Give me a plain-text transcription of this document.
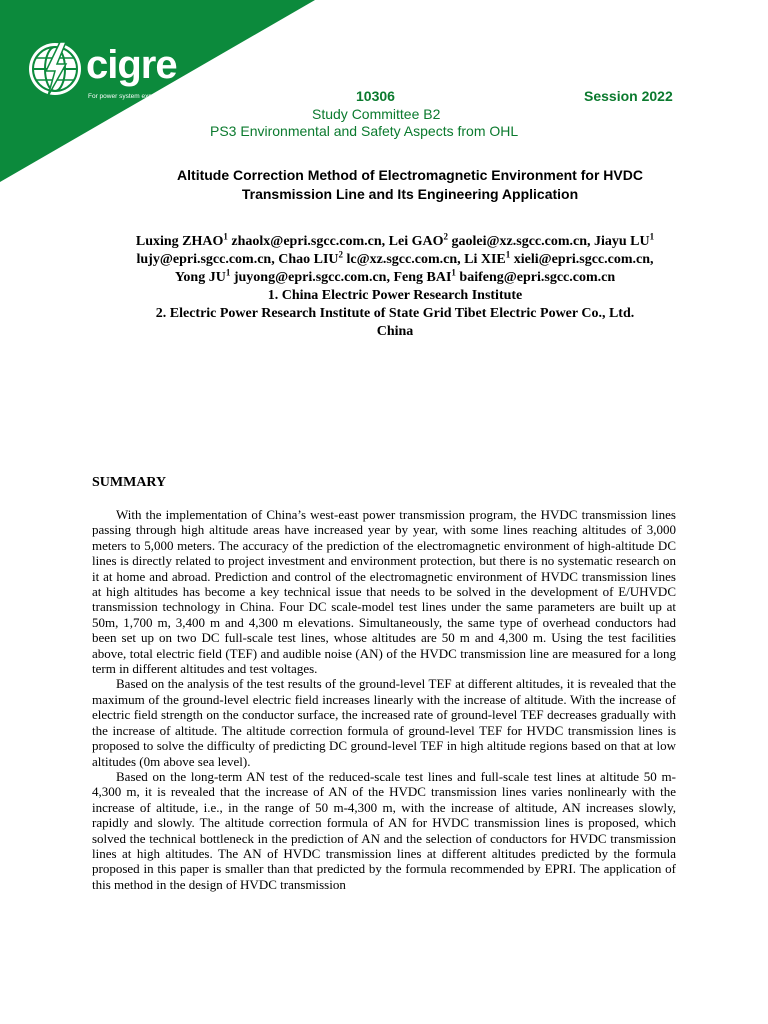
cigre
For power system expertise	10306	Session 2022
Study Committee B2
PS3 Environmental and Safety Aspects from OHL
Altitude Correction Method of Electromagnetic Environment for HVDC
Transmission Line and Its Engineering Application
Luxing ZHAO$^1$ zhaolx@epri.sgcc.com.cn, Lei GAO$^2$ gaolei@xz.sgcc.com.cn, Jiayu $LU^1$
lujy@epri.sgcc.com.cn, Chao LIU$^2$ lc@xz.sgcc.com.cn, Li XIE$^1$ xieli@epri.sgcc.com.cn,
Yong $JU^1$ juyong@epri.sgcc.com.cn, Feng BAI$^1$ baifeng@epri.sgcc.com.cn
1. China Electric Power Research Institute
2. Electric Power Research Institute of State Grid Tibet Electric Power Co., Ltd.
China
SUMMARY

With the implementation of China’s west-east power transmission program, the HVDC transmission lines passing through high altitude areas have increased year by year, with some lines reaching altitudes of 3,000 meters to 5,000 meters. The accuracy of the prediction of the electromagnetic environment of high-altitude DC lines is directly related to project investment and environment protection, but there is no systematic research on it at home and abroad. Prediction and control of the electromagnetic environment of HVDC transmission lines at high altitudes has become a key technical issue that needs to be solved in the development of E/UHVDC transmission technology in China. Four DC scale-model test lines under the same parameters are built up at 50m, 1,700 m, 3,400 m and 4,300 m elevations. Simultaneously, the same type of overhead conductors had been set up on two DC full-scale test lines, whose altitudes are 50 m and 4,300 m. Using the test facilities above, total electric field (TEF) and audible noise (AN) of the HVDC transmission line are measured for a long term in different altitudes and test voltages.

Based on the analysis of the test results of the ground-level TEF at different altitudes, it is revealed that the maximum of the ground-level electric field increases linearly with the increase of altitude. With the increase of electric field strength on the conductor surface, the increased rate of ground-level TEF decreases gradually with the increase of altitude. The altitude correction formula of ground-level TEF for HVDC transmission lines is proposed to solve the difficulty of predicting DC ground-level TEF in high altitude regions based on that at low altitudes (0m above sea level).

Based on the long-term AN test of the reduced-scale test lines and full-scale test lines at altitude 50 m-4,300 m, it is revealed that the increase of AN of the HVDC transmission lines varies nonlinearly with the increase of altitude, i.e., in the range of 50 m-4,300 m, with the increase of altitude, AN increases slowly, rapidly and slowly. The altitude correction formula of AN for HVDC transmission lines is proposed, which solved the technical bottleneck in the prediction of AN and the selection of conductors for HVDC transmission lines at high altitudes. The AN of HVDC transmission lines at different altitudes predicted by the formula proposed in this paper is smaller than that predicted by the formula recommended by EPRI. The application of this method in the design of HVDC transmission
